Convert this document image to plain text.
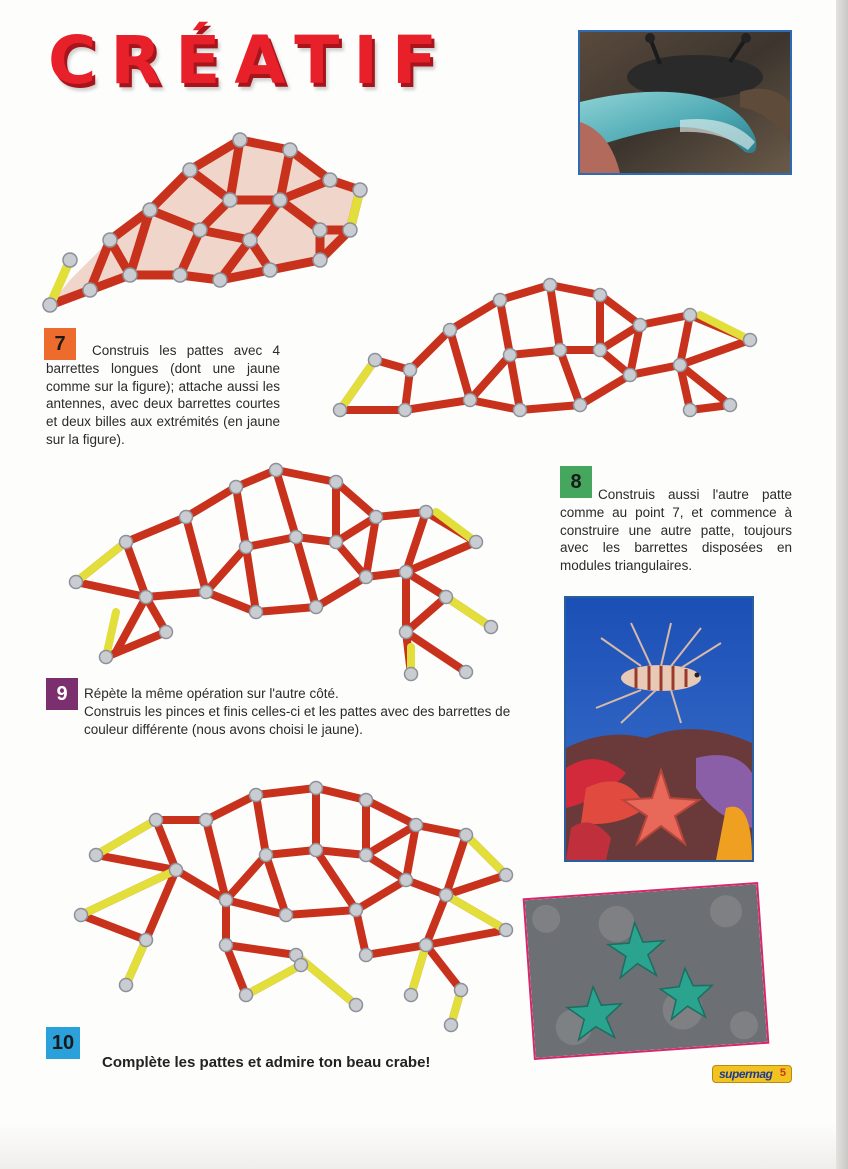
CRÉATIF
7	Construis les pattes avec 4 barrettes longues (dont une jaune comme sur la figure); attache aussi les antennes, avec deux barrettes courtes et deux billes aux extrémités (en jaune sur la figure).

8

Construis aussi l'autre patte comme au point 7, et commence à construire une autre patte, toujours avec les barrettes disposées en modules triangulaires.

9	Répète la même opération sur l'autre côté.
Construis les pinces et finis celles-ci et les pattes avec des barrettes de couleur différente (nous avons choisi le jaune).
10
Complète les pattes et admire ton beau crabe!
supermag 5
